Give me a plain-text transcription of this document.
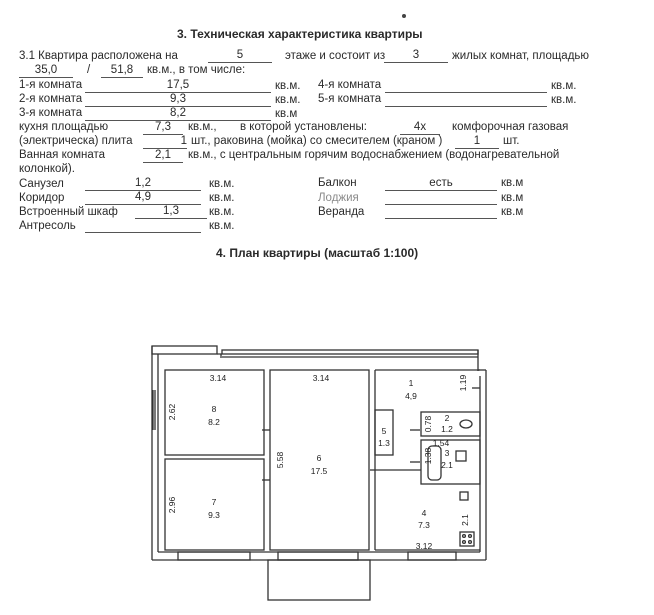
3. Техническая характеристика квартиры
3.1 Квартира расположена на	5	этаже и состоит из	3	жилых комнат, площадью
35,0	/	51,8	кв.м., в том числе:
1-я комната	17,5	кв.м.
2-я комната	9,3	кв.м.
3-я комната	8,2	кв.м
4-я комната	кв.м.
5-я комната	кв.м.
кухня площадью	7,3	кв.м., в которой установлены:	4х	комфорочная газовая
(электрическа) плита	1 шт., раковина (мойка) со смесителем (краном )	1	шт.
Ванная комната	2,1	кв.м., с центральным горячим водоснабжением (водонагревательной
колонкой).
Санузел	1,2	кв.м.
Коридор	4,9	кв.м.
Встроенный шкаф	1,3	кв.м.
Антресоль	кв.м.
Балкон	есть	кв.м
Лоджия	кв.м
Веранда	кв.м
4. План квартиры (масштаб 1:100)
8
8.2
6
17.5
1
4,9
5
1.3
2
1.2
3
2.1
7
9.3	4
7.3
3.14	3.14	1.19
2.62
5.58
0.78
1.54
1.38
2.96
2.1
3.12
